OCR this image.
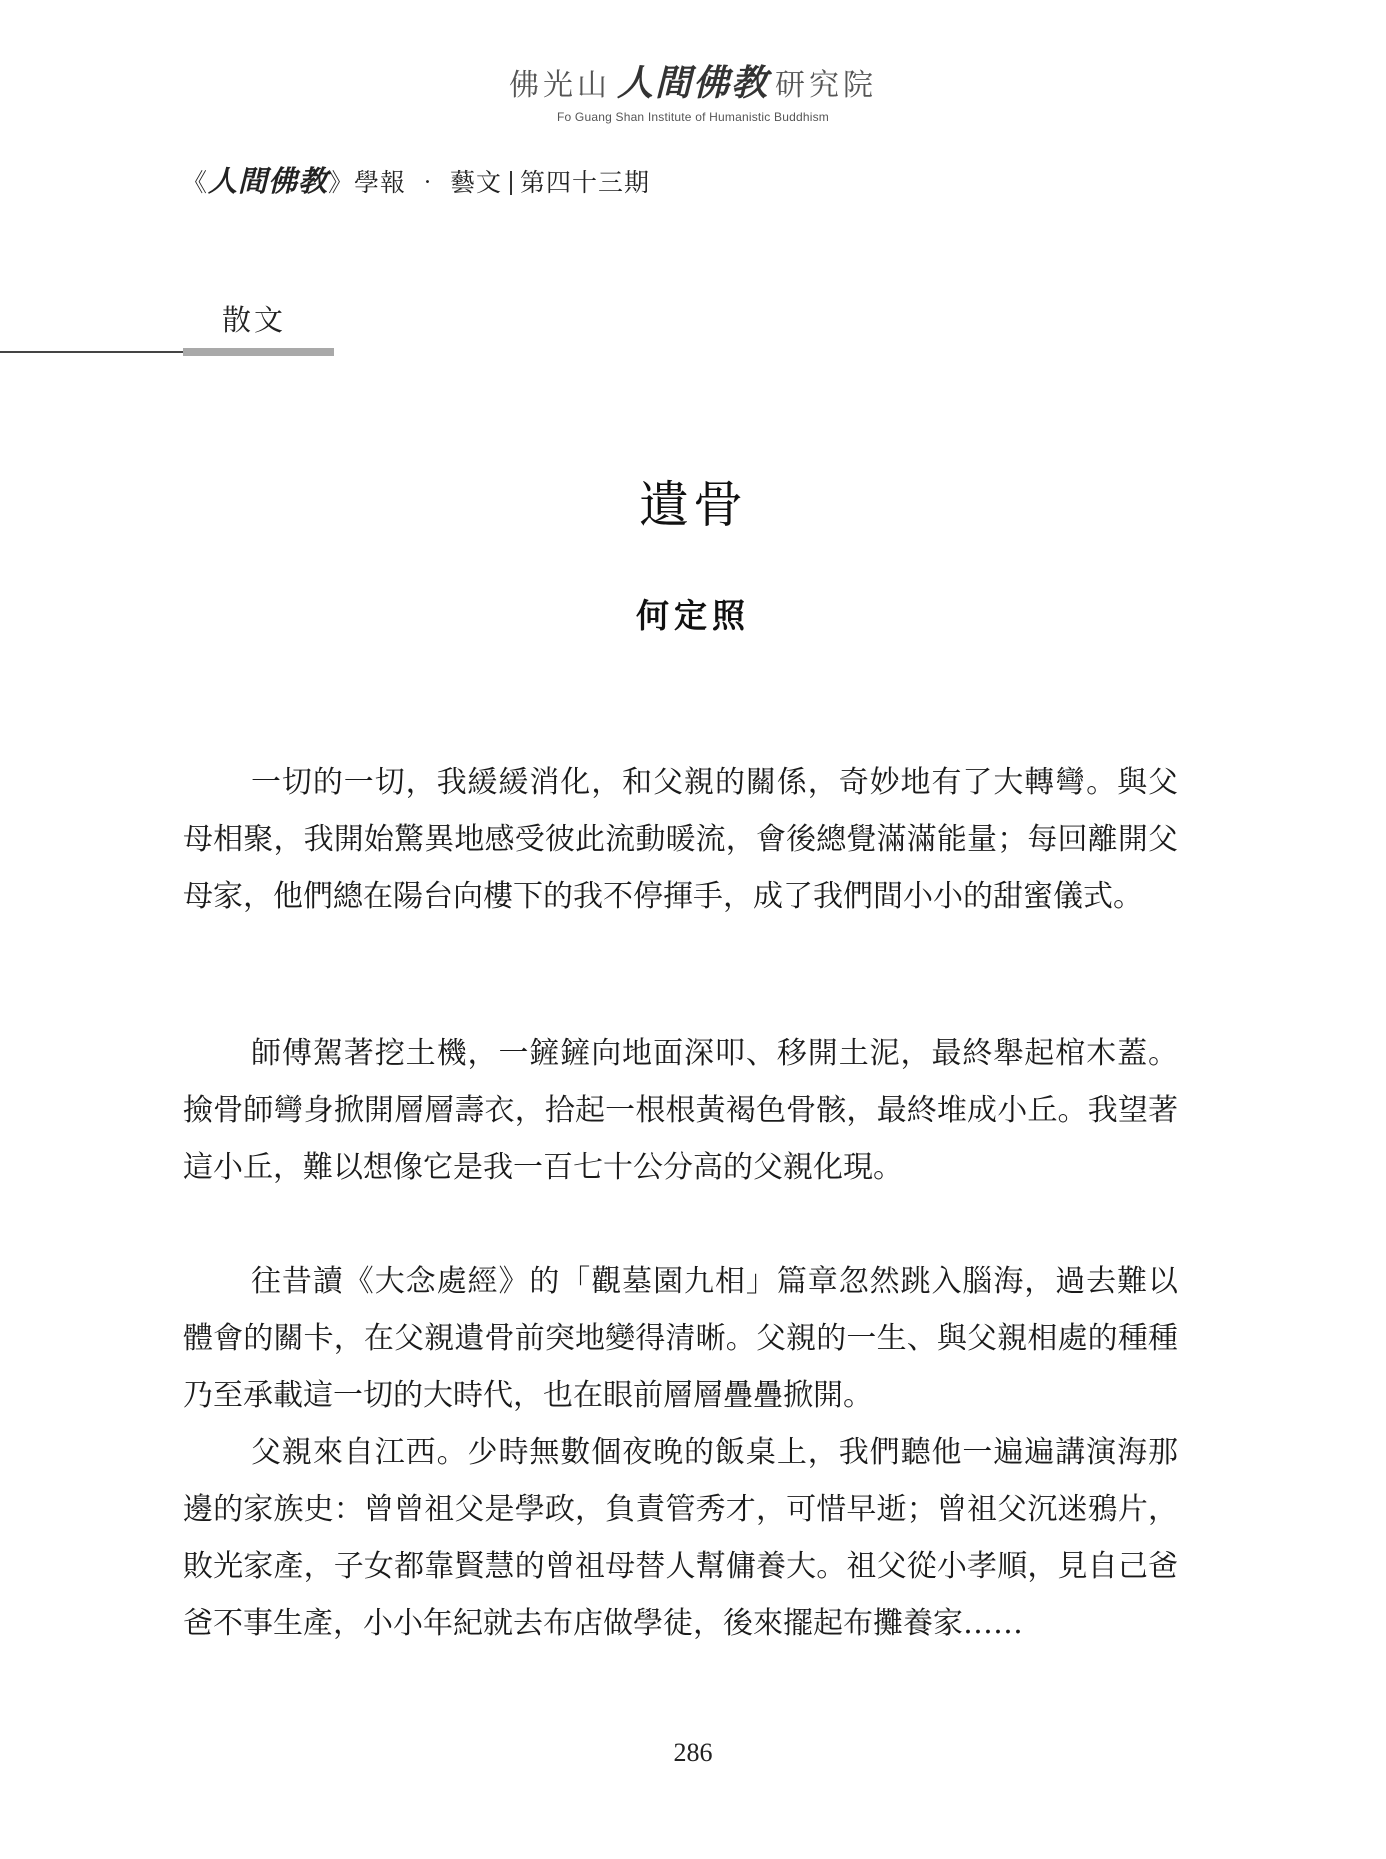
佛光山 人間佛教 研究院
Fo Guang Shan Institute of Humanistic Buddhism
《人間佛教》學報 ‧ 藝文 第四十三期
散文
遺骨
何定照

一切的一切，我緩緩消化，和父親的關係，奇妙地有了大轉彎。與父母相聚，我開始驚異地感受彼此流動暖流，會後總覺滿滿能量；每回離開父母家，他們總在陽台向樓下的我不停揮手，成了我們間小小的甜蜜儀式。

師傅駕著挖土機，一鏟鏟向地面深叩、移開土泥，最終舉起棺木蓋。撿骨師彎身掀開層層壽衣，拾起一根根黃褐色骨骸，最終堆成小丘。我望著這小丘，難以想像它是我一百七十公分高的父親化現。

往昔讀《大念處經》的「觀墓園九相」篇章忽然跳入腦海，過去難以體會的關卡，在父親遺骨前突地變得清晰。父親的一生、與父親相處的種種乃至承載這一切的大時代，也在眼前層層疊疊掀開。

父親來自江西。少時無數個夜晚的飯桌上，我們聽他一遍遍講演海那邊的家族史：曾曾祖父是學政，負責管秀才，可惜早逝；曾祖父沉迷鴉片，敗光家產，子女都靠賢慧的曾祖母替人幫傭養大。祖父從小孝順，見自己爸爸不事生產，小小年紀就去布店做學徒，後來擺起布攤養家……

286
